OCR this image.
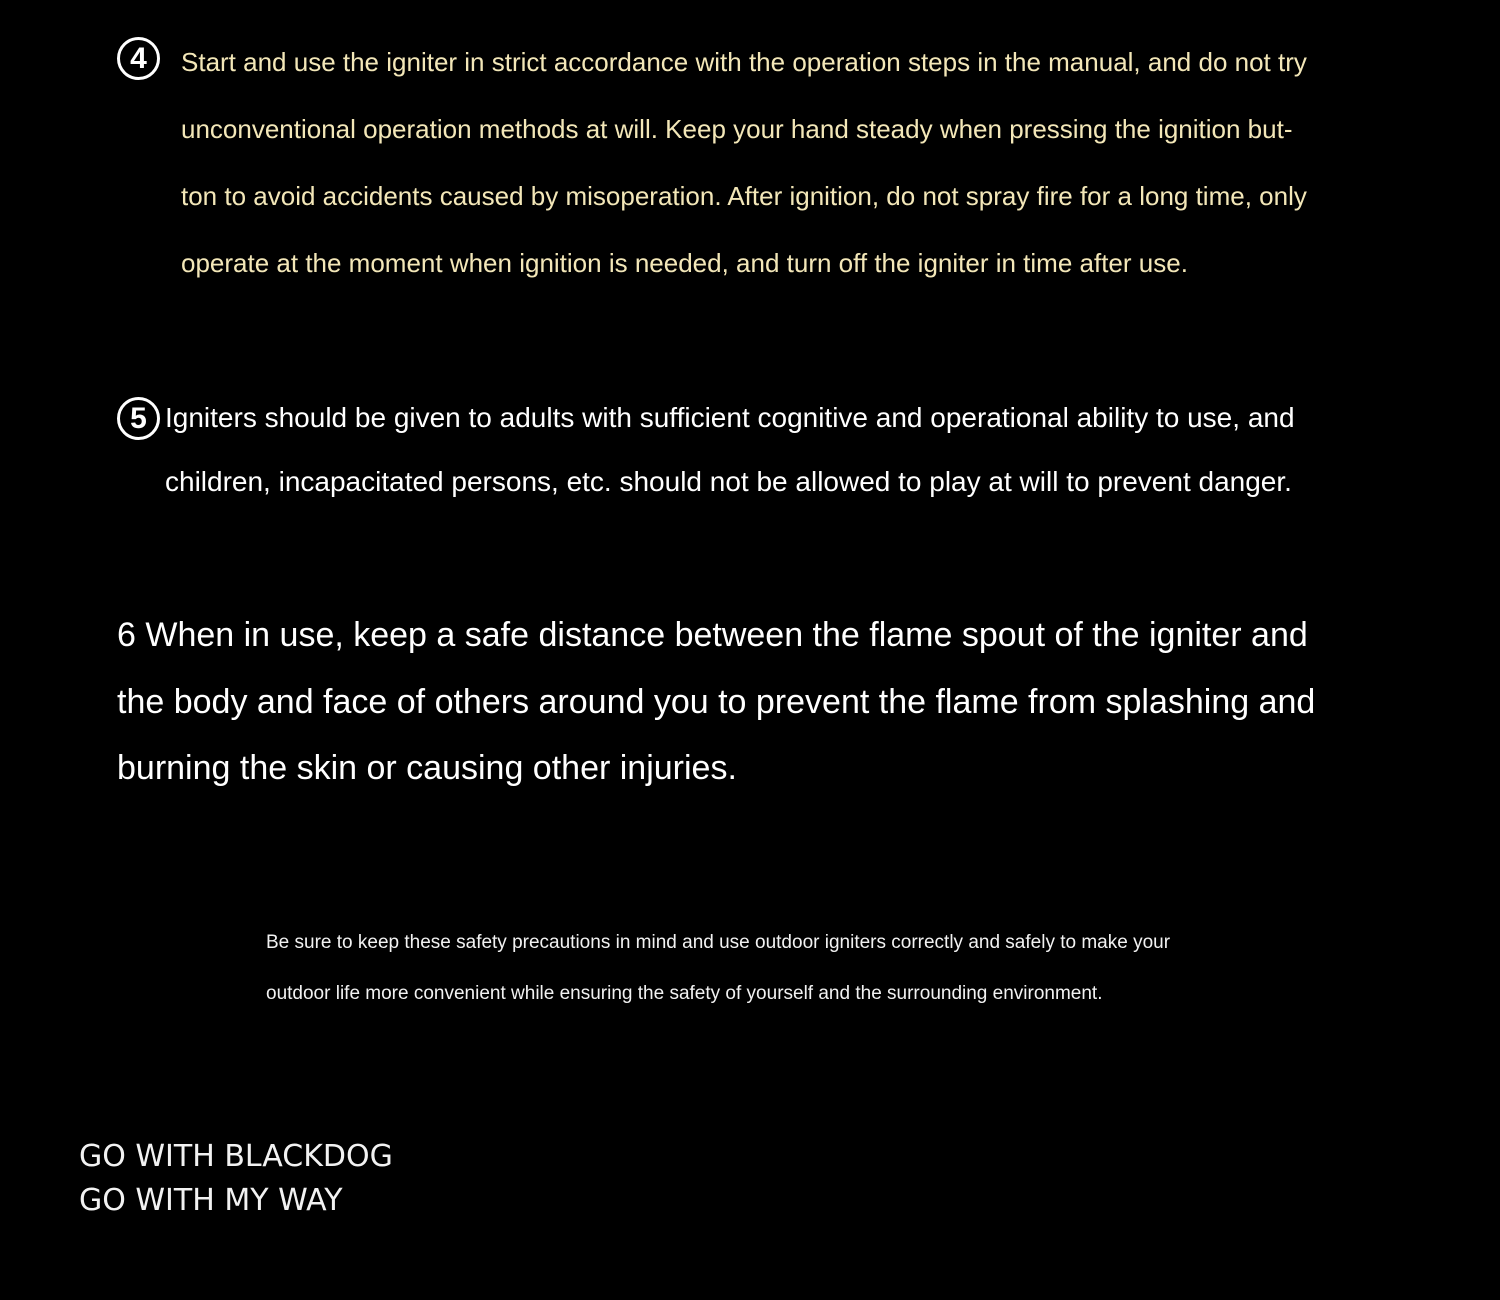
4	Start and use the igniter in strict accordance with the operation steps in the manual, and do not try
unconventional operation methods at will. Keep your hand steady when pressing the ignition but-
ton to avoid accidents caused by misoperation. After ignition, do not spray fire for a long time, only
operate at the moment when ignition is needed, and turn off the igniter in time after use.
5 Igniters should be given to adults with sufficient cognitive and operational ability to use, and
children, incapacitated persons, etc. should not be allowed to play at will to prevent danger.
6 When in use, keep a safe distance between the flame spout of the igniter and
the body and face of others around you to prevent the flame from splashing and
burning the skin or causing other injuries.
Be sure to keep these safety precautions in mind and use outdoor igniters correctly and safely to make your
outdoor life more convenient while ensuring the safety of yourself and the surrounding environment.
GO WITH BLACKDOG
GO WITH MY WAY
